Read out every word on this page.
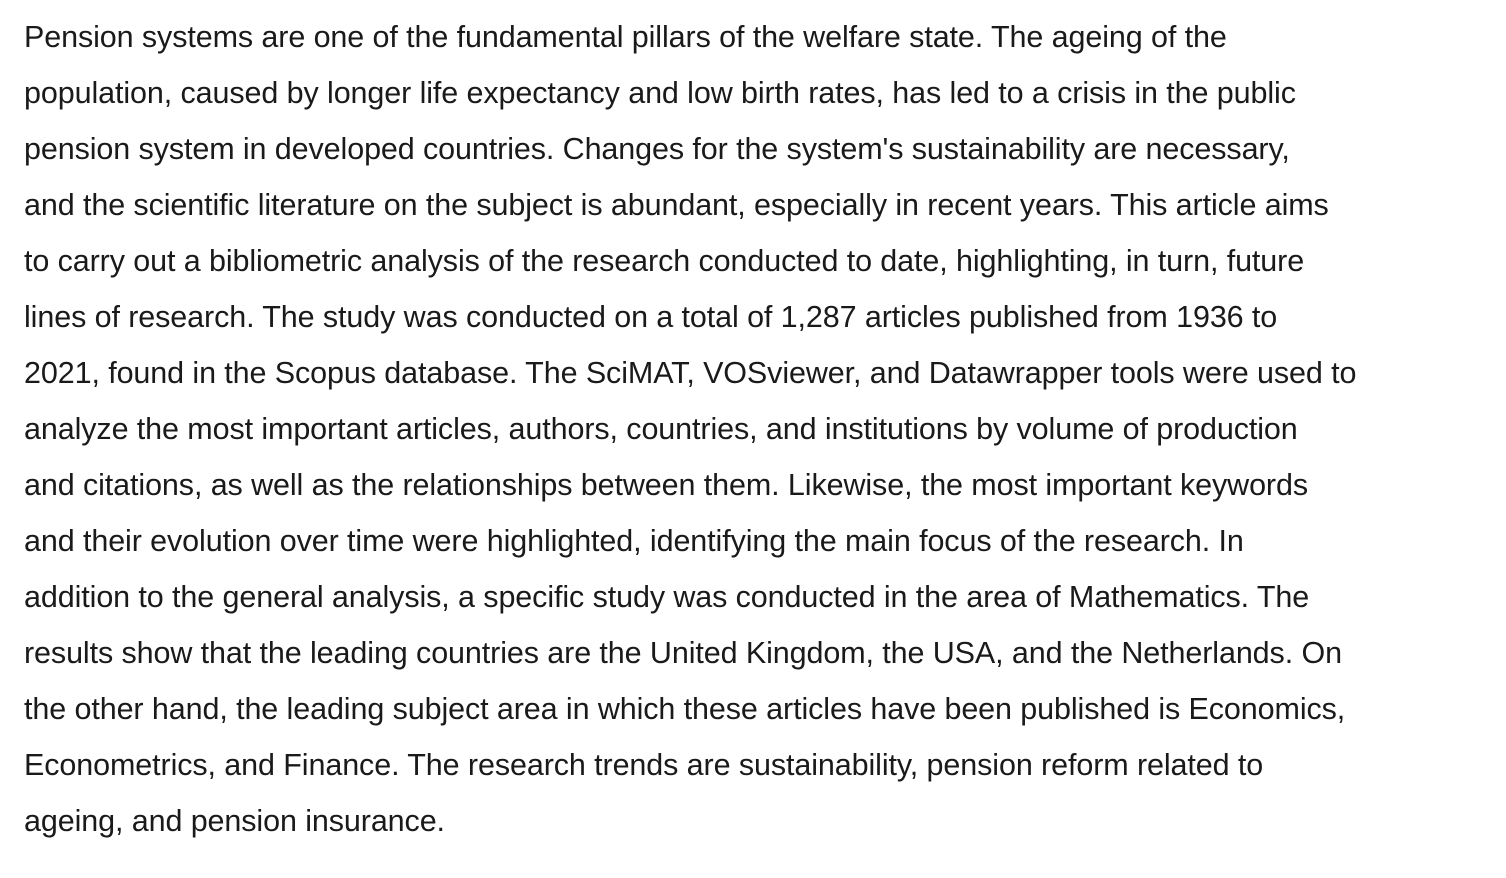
Pension systems are one of the fundamental pillars of the welfare state. The ageing of the
population, caused by longer life expectancy and low birth rates, has led to a crisis in the public
pension system in developed countries. Changes for the system's sustainability are necessary,
and the scientific literature on the subject is abundant, especially in recent years. This article aims
to carry out a bibliometric analysis of the research conducted to date, highlighting, in turn, future
lines of research. The study was conducted on a total of 1,287 articles published from 1936 to
2021, found in the Scopus database. The SciMAT, VOSviewer, and Datawrapper tools were used to
analyze the most important articles, authors, countries, and institutions by volume of production
and citations, as well as the relationships between them. Likewise, the most important keywords
and their evolution over time were highlighted, identifying the main focus of the research. In
addition to the general analysis, a specific study was conducted in the area of Mathematics. The
results show that the leading countries are the United Kingdom, the USA, and the Netherlands. On
the other hand, the leading subject area in which these articles have been published is Economics,
Econometrics, and Finance. The research trends are sustainability, pension reform related to
ageing, and pension insurance.
